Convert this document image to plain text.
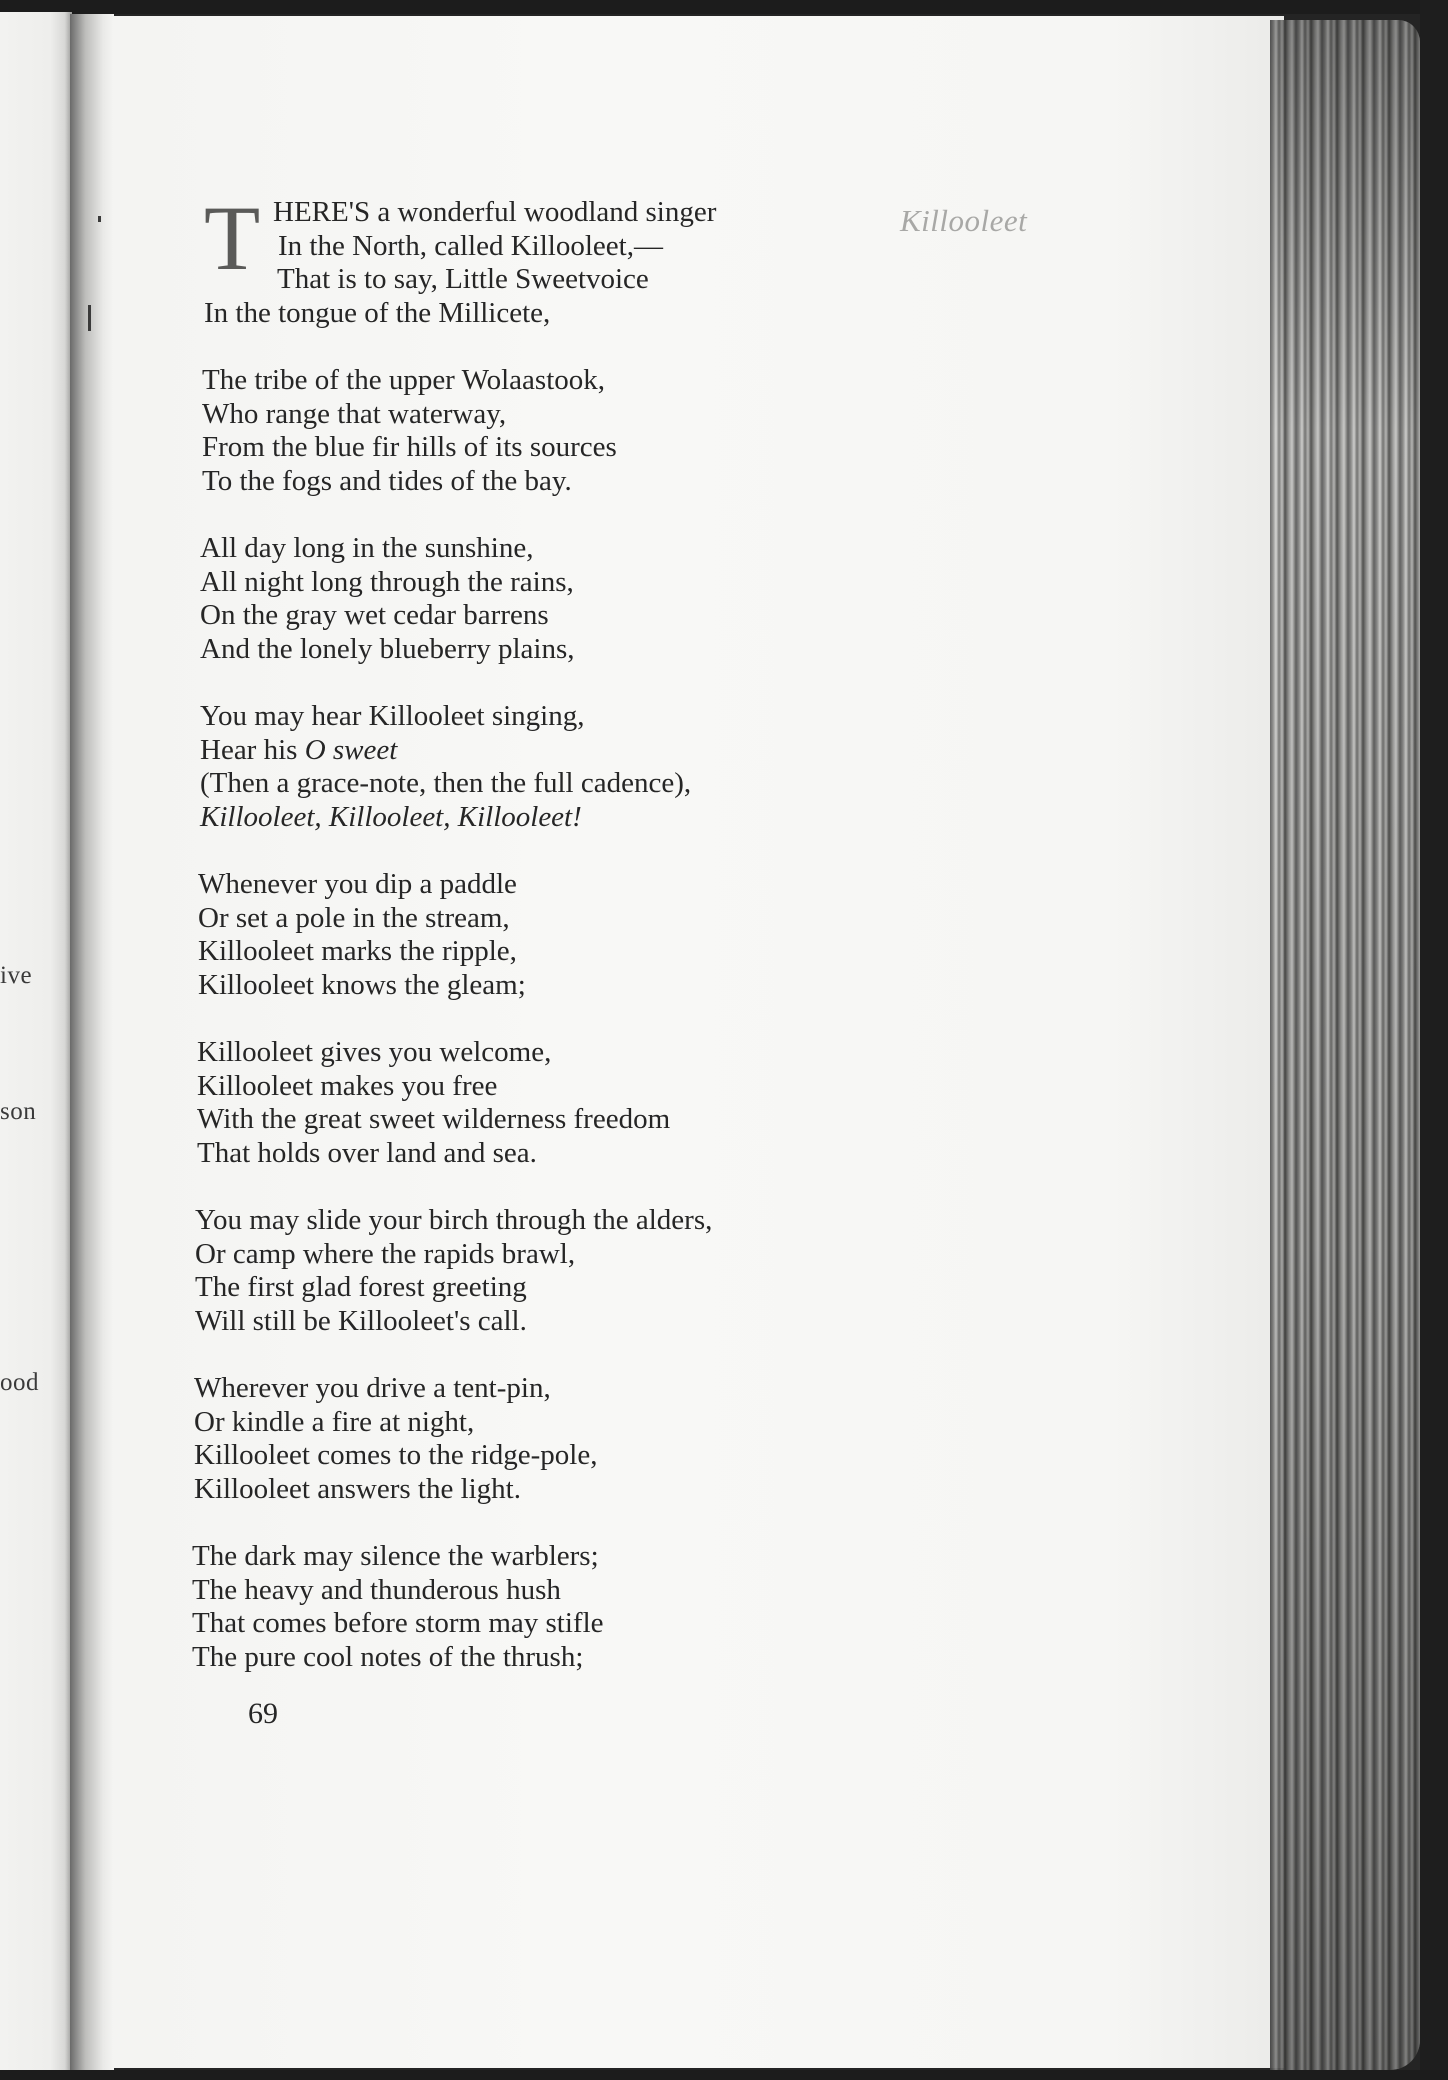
ive
son
ood
Killooleet
T HERE'S a wonderful woodland singer
In the North, called Killooleet,—
That is to say, Little Sweetvoice
In the tongue of the Millicete,
The tribe of the upper Wolaastook,
Who range that waterway,
From the blue fir hills of its sources
To the fogs and tides of the bay.
All day long in the sunshine,
All night long through the rains,
On the gray wet cedar barrens
And the lonely blueberry plains,
You may hear Killooleet singing,
Hear his O sweet
(Then a grace-note, then the full cadence),
Killooleet, Killooleet, Killooleet!
Whenever you dip a paddle
Or set a pole in the stream,
Killooleet marks the ripple,
Killooleet knows the gleam;
Killooleet gives you welcome,
Killooleet makes you free
With the great sweet wilderness freedom
That holds over land and sea.
You may slide your birch through the alders,
Or camp where the rapids brawl,
The first glad forest greeting
Will still be Killooleet's call.
Wherever you drive a tent-pin,
Or kindle a fire at night,
Killooleet comes to the ridge-pole,
Killooleet answers the light.
The dark may silence the warblers;
The heavy and thunderous hush
That comes before storm may stifle
The pure cool notes of the thrush;
69
